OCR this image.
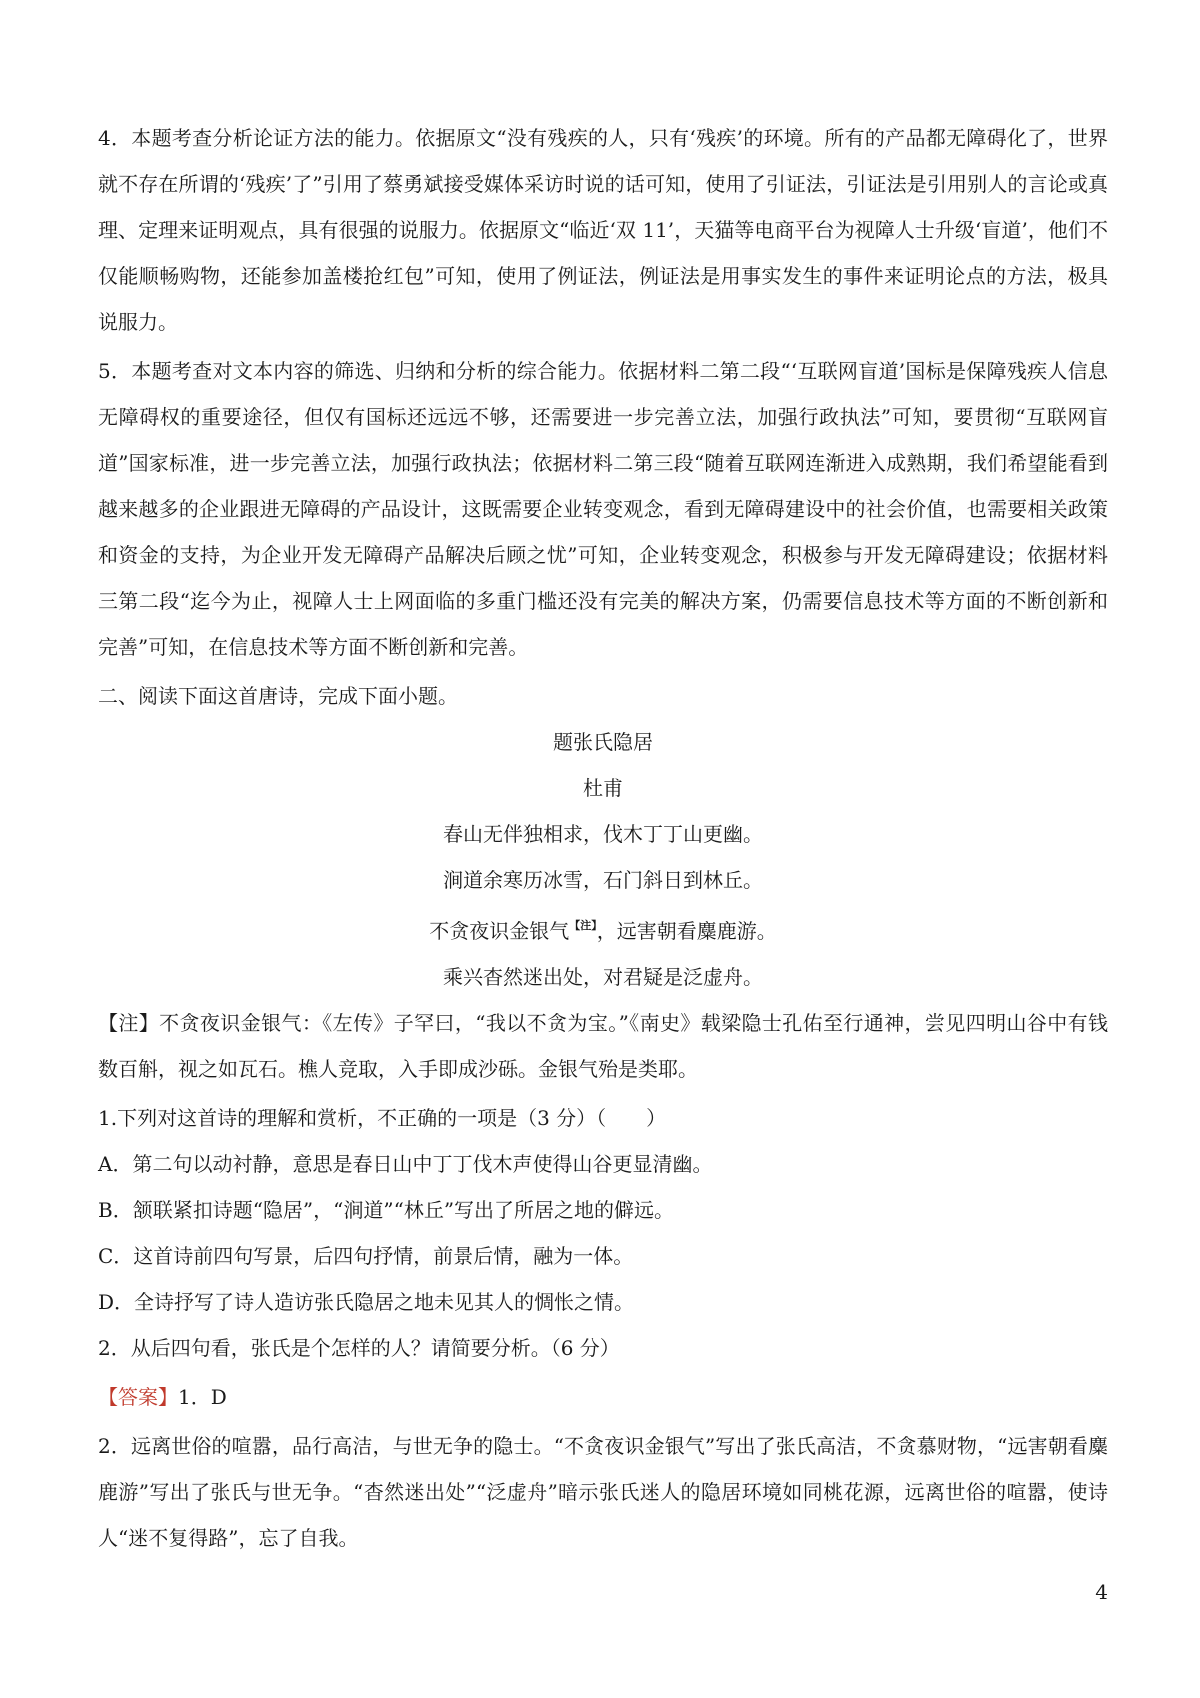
4．本题考查分析论证方法的能力。依据原文“没有残疾的人，只有‘残疾’的环境。所有的产品都无障碍化了，世界就不存在所谓的‘残疾’了”引用了蔡勇斌接受媒体采访时说的话可知，使用了引证法，引证法是引用别人的言论或真理、定理来证明观点，具有很强的说服力。依据原文“临近‘双 11’，天猫等电商平台为视障人士升级‘盲道’，他们不仅能顺畅购物，还能参加盖楼抢红包”可知，使用了例证法，例证法是用事实发生的事件来证明论点的方法，极具说服力。

5．本题考查对文本内容的筛选、归纳和分析的综合能力。依据材料二第二段“‘互联网盲道’国标是保障残疾人信息无障碍权的重要途径，但仅有国标还远远不够，还需要进一步完善立法，加强行政执法”可知，要贯彻“互联网盲道”国家标准，进一步完善立法，加强行政执法；依据材料二第三段“随着互联网连渐进入成熟期，我们希望能看到越来越多的企业跟进无障碍的产品设计，这既需要企业转变观念，看到无障碍建设中的社会价值，也需要相关政策和资金的支持，为企业开发无障碍产品解决后顾之忧”可知，企业转变观念，积极参与开发无障碍建设；依据材料三第二段“迄今为止，视障人士上网面临的多重门槛还没有完美的解决方案，仍需要信息技术等方面的不断创新和完善”可知，在信息技术等方面不断创新和完善。

二、阅读下面这首唐诗，完成下面小题。

题张氏隐居
杜甫
春山无伴独相求，伐木丁丁山更幽。
涧道余寒历冰雪，石门斜日到林丘。
不贪夜识金银气$^{【注】}$，远害朝看麋鹿游。
乘兴杳然迷出处，对君疑是泛虚舟。

【注】不贪夜识金银气：《左传》子罕曰，“我以不贪为宝。”《南史》载梁隐士孔佑至行通神，尝见四明山谷中有钱数百斛，视之如瓦石。樵人竞取，入手即成沙砾。金银气殆是类耶。

1.下列对这首诗的理解和赏析，不正确的一项是（3 分）（　　）
A．第二句以动衬静，意思是春日山中丁丁伐木声使得山谷更显清幽。
B．颔联紧扣诗题“隐居”，“涧道”“林丘”写出了所居之地的僻远。
C．这首诗前四句写景，后四句抒情，前景后情，融为一体。
D．全诗抒写了诗人造访张氏隐居之地未见其人的惆怅之情。
2．从后四句看，张氏是个怎样的人？请简要分析。（6 分）

【答案】1．D

2．远离世俗的喧嚣，品行高洁，与世无争的隐士。“不贪夜识金银气”写出了张氏高洁，不贪慕财物，“远害朝看麋鹿游”写出了张氏与世无争。“杳然迷出处”“泛虚舟”暗示张氏迷人的隐居环境如同桃花源，远离世俗的喧嚣，使诗人“迷不复得路”，忘了自我。

4
